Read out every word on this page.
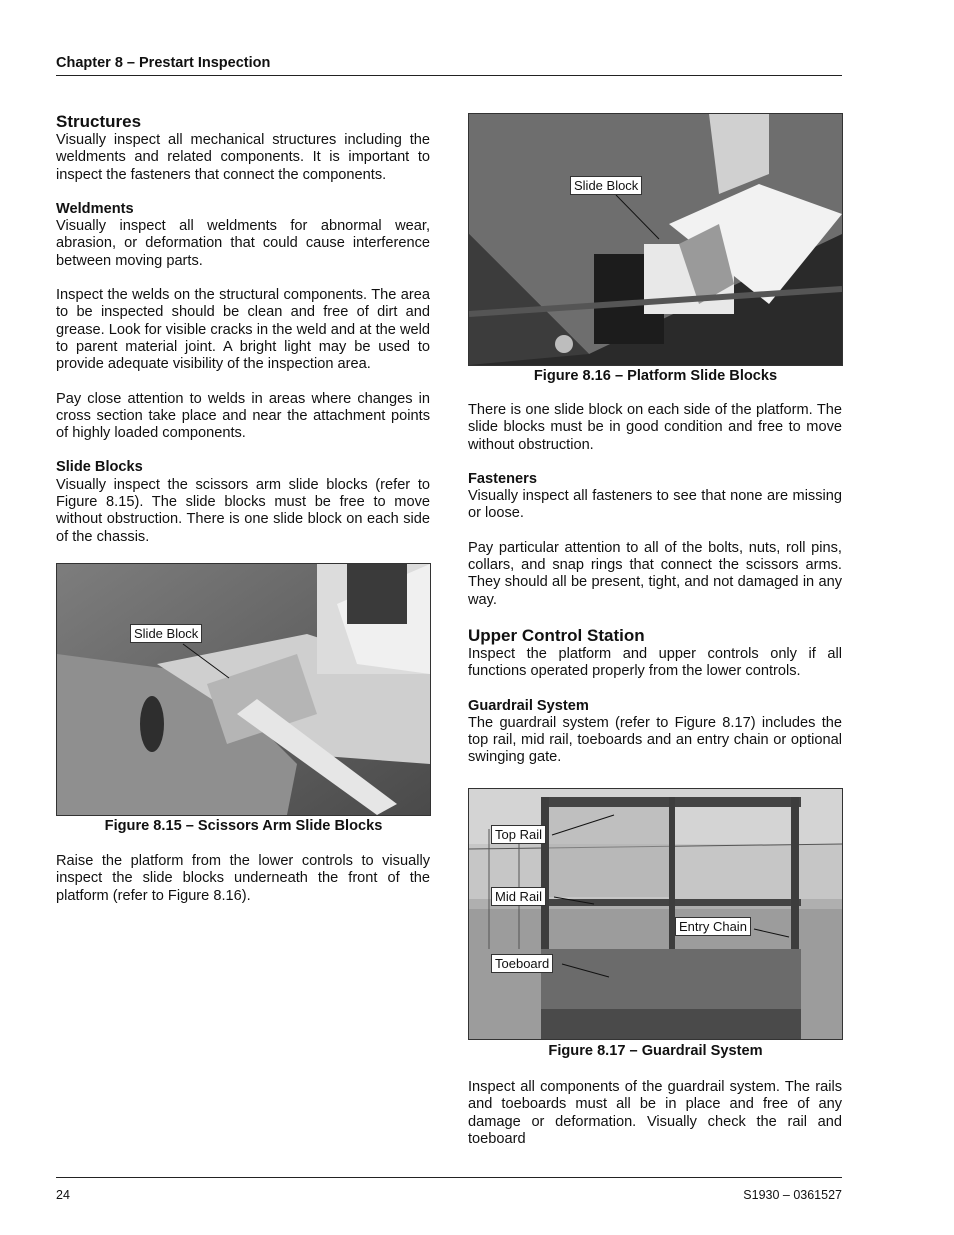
Chapter 8 – Prestart Inspection
Structures

Visually inspect all mechanical structures including the weldments and related components. It is important to inspect the fasteners that connect the components.

Weldments

Visually inspect all weldments for abnormal wear, abrasion, or deformation that could cause interference between moving parts.

Inspect the welds on the structural components. The area to be inspected should be clean and free of dirt and grease. Look for visible cracks in the weld and at the weld to parent material joint. A bright light may be used to provide adequate visibility of the inspection area.

Pay close attention to welds in areas where changes in cross section take place and near the attachment points of highly loaded components.

Slide Blocks

Visually inspect the scissors arm slide blocks (refer to Figure 8.15). The slide blocks must be free to move without obstruction. There is one slide block on each side of the chassis.

Slide Block
Figure 8.15 – Scissors Arm Slide Blocks

Raise the platform from the lower controls to visually inspect the slide blocks underneath the front of the platform (refer to Figure 8.16).

Slide Block
Figure 8.16 – Platform Slide Blocks

There is one slide block on each side of the platform. The slide blocks must be in good condition and free to move without obstruction.

Fasteners

Visually inspect all fasteners to see that none are missing or loose.

Pay particular attention to all of the bolts, nuts, roll pins, collars, and snap rings that connect the scissors arms. They should all be present, tight, and not damaged in any way.

Upper Control Station

Inspect the platform and upper controls only if all functions operated properly from the lower controls.

Guardrail System

The guardrail system (refer to Figure 8.17) includes the top rail, mid rail, toeboards and an entry chain or optional swinging gate.

Top Rail
Mid Rail
Entry Chain
Toeboard
Figure 8.17 – Guardrail System

Inspect all components of the guardrail system. The rails and toeboards must all be in place and free of any damage or deformation. Visually check the rail and toeboard

24	S1930 – 0361527
